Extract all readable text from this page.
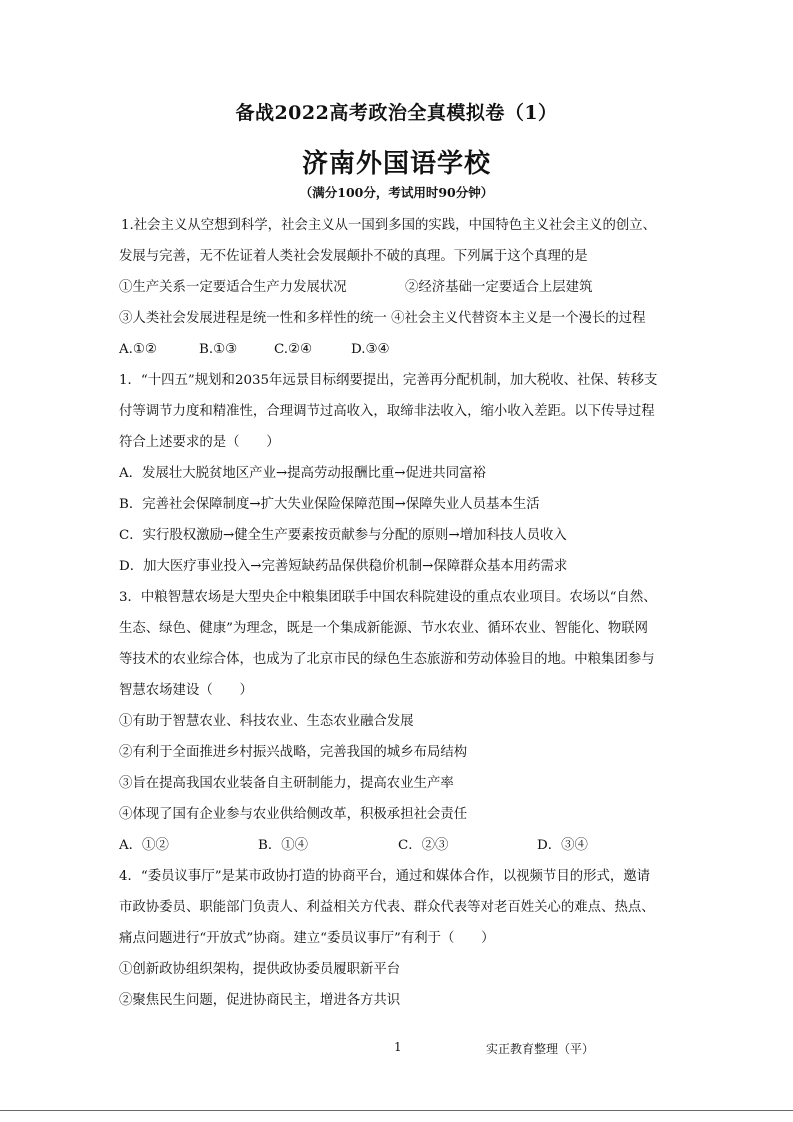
备战2022高考政治全真模拟卷（1）
济南外国语学校
（满分100分，考试用时90分钟）
1.社会主义从空想到科学，社会主义从一国到多国的实践，中国特色主义社会主义的创立、
发展与完善，无不佐证着人类社会发展颠扑不破的真理。下列属于这个真理的是
①生产关系一定要适合生产力发展状况	②经济基础一定要适合上层建筑
③人类社会发展进程是统一性和多样性的统一 ④社会主义代替资本主义是一个漫长的过程
A.①②	B.①③	C.②④	D.③④
1．“十四五”规划和2035年远景目标纲要提出，完善再分配机制，加大税收、社保、转移支
付等调节力度和精准性，合理调节过高收入，取缔非法收入，缩小收入差距。以下传导过程
符合上述要求的是（　　）
A．发展壮大脱贫地区产业→提高劳动报酬比重→促进共同富裕
B．完善社会保障制度→扩大失业保险保障范围→保障失业人员基本生活
C．实行股权激励→健全生产要素按贡献参与分配的原则→增加科技人员收入
D．加大医疗事业投入→完善短缺药品保供稳价机制→保障群众基本用药需求
3．中粮智慧农场是大型央企中粮集团联手中国农科院建设的重点农业项目。农场以“自然、
生态、绿色、健康”为理念，既是一个集成新能源、节水农业、循环农业、智能化、物联网
等技术的农业综合体，也成为了北京市民的绿色生态旅游和劳动体验目的地。中粮集团参与
智慧农场建设（　　）
①有助于智慧农业、科技农业、生态农业融合发展
②有利于全面推进乡村振兴战略，完善我国的城乡布局结构
③旨在提高我国农业装备自主研制能力，提高农业生产率
④体现了国有企业参与农业供给侧改革，积极承担社会责任
A．①②	B．①④	C．②③	D．③④
4．“委员议事厅”是某市政协打造的协商平台，通过和媒体合作，以视频节目的形式，邀请
市政协委员、职能部门负责人、利益相关方代表、群众代表等对老百姓关心的难点、热点、
痛点问题进行“开放式”协商。建立“委员议事厅”有利于（　　）
①创新政协组织架构，提供政协委员履职新平台
②聚焦民生问题，促进协商民主，增进各方共识
1	实正教育整理（平）
